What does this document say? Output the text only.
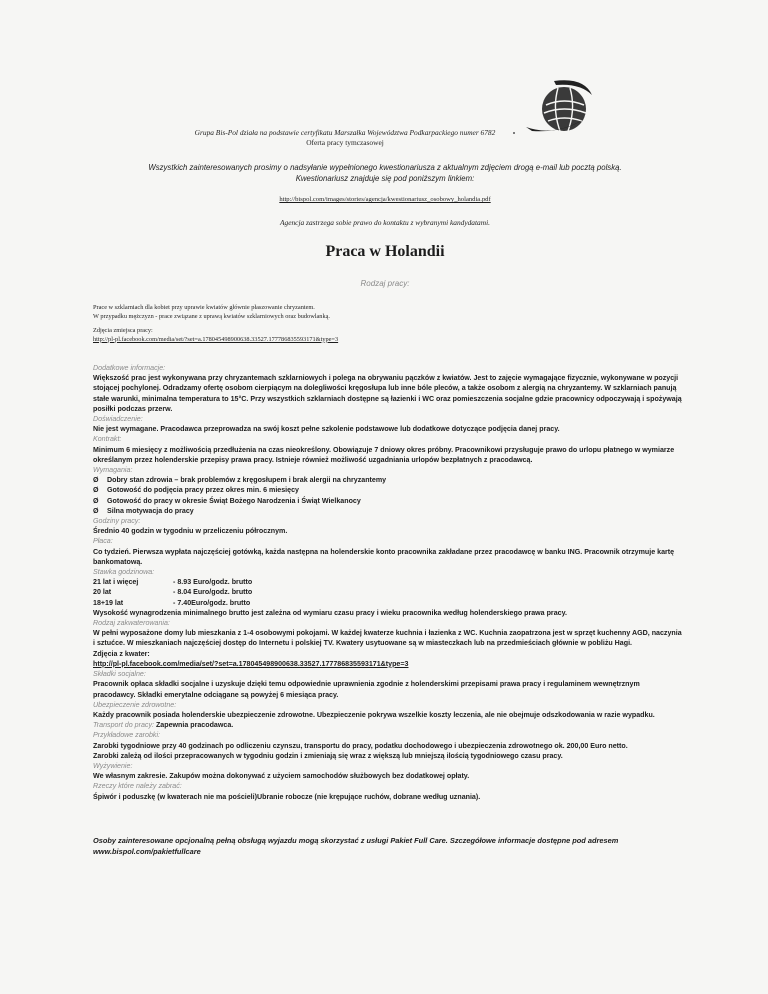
Grupa Bis-Pol działa na podstawie certyfikatu Marszałka Województwa Podkarpackiego numer 6782
Oferta pracy tymczasowej
Wszystkich zainteresowanych prosimy o nadsyłanie wypełnionego kwestionariusza z aktualnym zdjęciem drogą e-mail lub pocztą polską.
Kwestionariusz znajduje się pod poniższym linkiem:
http://bispol.com/images/stories/agencja/kwestionariusz_osobowy_holandia.pdf
Agencja zastrzega sobie prawo do kontaktu z wybranymi kandydatami.
Praca w Holandii
Rodzaj pracy:
Prace w szklarniach dla kobiet przy uprawie kwiatów głównie płaszowanie chryzantem.
W przypadku mężczyzn - prace związane z uprawą kwiatów szklarniowych oraz budowlanką.
Zdjęcia zmiejsca pracy:
http://pl-pl.facebook.com/media/set/?set=a.178045498900638.33527.177786835593171&type=3

Dodatkowe informacje:

Większość prac jest wykonywana przy chryzantemach szklarniowych i polega na obrywaniu pączków z kwiatów. Jest to zajęcie wymagające fizycznie, wykonywane w pozycji stojącej pochylonej. Odradzamy ofertę osobom cierpiącym na dolegliwości kręgosłupa lub inne bóle pleców, a także osobom z alergią na chryzantemy. W szklarniach panują stałe warunki, minimalna temperatura to 15°C. Przy wszystkich szklarniach dostępne są łazienki i WC oraz pomieszczenia socjalne gdzie pracownicy odpoczywają i spożywają posiłki podczas przerw.

Doświadczenie:

Nie jest wymagane. Pracodawca przeprowadza na swój koszt pełne szkolenie podstawowe lub dodatkowe dotyczące podjęcia danej pracy.

Kontrakt:

Minimum 6 miesięcy z możliwością przedłużenia na czas nieokreślony. Obowiązuje 7 dniowy okres próbny. Pracownikowi przysługuje prawo do urlopu płatnego w wymiarze określanym przez holenderskie przepisy prawa pracy. Istnieje również możliwość uzgadniania urlopów bezpłatnych z pracodawcą.

Wymagania:

Ø	Dobry stan zdrowia – brak problemów z kręgosłupem i brak alergii na chryzantemy
Ø	Gotowość do podjęcia pracy przez okres min. 6 miesięcy
Ø	Gotowość do pracy w okresie Świąt Bożego Narodzenia i Świąt Wielkanocy
Ø	Silna motywacja do pracy

Godziny pracy:

Średnio 40 godzin w tygodniu w przeliczeniu półrocznym.

Płaca:

Co tydzień. Pierwsza wypłata najczęściej gotówką, każda następna na holenderskie konto pracownika zakładane przez pracodawcę w banku ING. Pracownik otrzymuje kartę bankomatową.

Stawka godzinowa:

21 lat i więcej	- 8.93 Euro/godz. brutto
20 lat	- 8.04 Euro/godz. brutto
18+19 lat	- 7.40Euro/godz. brutto

Wysokość wynagrodzenia minimalnego brutto jest zależna od wymiaru czasu pracy i wieku pracownika według holenderskiego prawa pracy.

Rodzaj zakwaterowania:

W pełni wyposażone domy lub mieszkania z 1-4 osobowymi pokojami. W każdej kwaterze kuchnia i łazienka z WC. Kuchnia zaopatrzona jest w sprzęt kuchenny AGD, naczynia i sztućce. W mieszkaniach najczęściej dostęp do Internetu i polskiej TV. Kwatery usytuowane są w miasteczkach lub na przedmieściach głównie w pobliżu Hagi.

Zdjęcia z kwater:

http://pl-pl.facebook.com/media/set/?set=a.178045498900638.33527.177786835593171&type=3

Składki socjalne:

Pracownik opłaca składki socjalne i uzyskuje dzięki temu odpowiednie uprawnienia zgodnie z holenderskimi przepisami prawa pracy i regulaminem wewnętrznym pracodawcy. Składki emerytalne odciągane są powyżej 6 miesiąca pracy.

Ubezpieczenie zdrowotne:

Każdy pracownik posiada holenderskie ubezpieczenie zdrowotne. Ubezpieczenie pokrywa wszelkie koszty leczenia, ale nie obejmuje odszkodowania w razie wypadku.

Transport do pracy: Zapewnia pracodawca.

Przykładowe zarobki:

Zarobki tygodniowe przy 40 godzinach po odliczeniu czynszu, transportu do pracy, podatku dochodowego i ubezpieczenia zdrowotnego ok. 200,00 Euro netto.

Zarobki zależą od ilości przepracowanych w tygodniu godzin i zmieniają się wraz z większą lub mniejszą ilością tygodniowego czasu pracy.

Wyżywienie:

We własnym zakresie. Zakupów można dokonywać z użyciem samochodów służbowych bez dodatkowej opłaty.

Rzeczy które należy zabrać:

Śpiwór i poduszkę (w kwaterach nie ma pościeli)Ubranie robocze (nie krępujące ruchów, dobrane według uznania).

Osoby zainteresowane opcjonalną pełną obsługą wyjazdu mogą skorzystać z usługi Pakiet Full Care. Szczegółowe informacje dostępne pod adresem www.bispol.com/pakietfullcare
